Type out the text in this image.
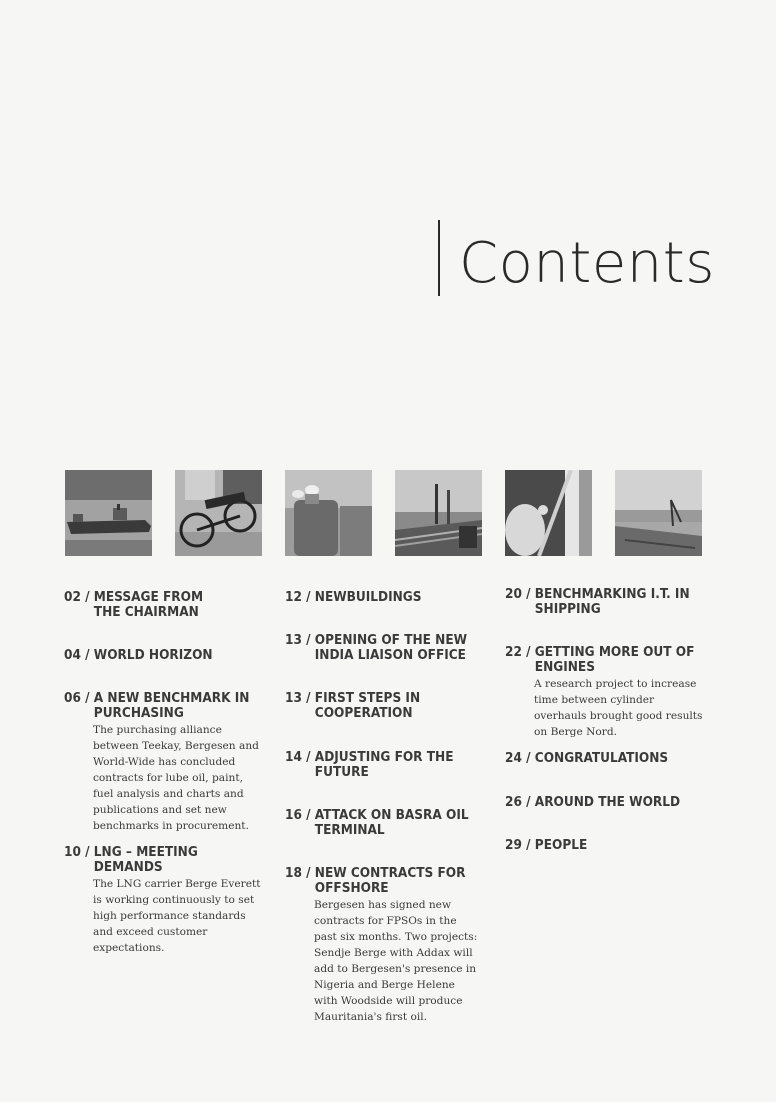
Contents
02 / MESSAGE FROM THE CHAIRMAN
04 / WORLD HORIZON
06 / A NEW BENCHMARK IN PURCHASING
The purchasing alliance between Teekay, Bergesen and World-Wide has concluded contracts for lube oil, paint, fuel analysis and charts and publications and set new benchmarks in procurement.
10 / LNG – MEETING DEMANDS
The LNG carrier Berge Everett is working continuously to set high performance standards and exceed customer expectations.
12 / NEWBUILDINGS
13 / OPENING OF THE NEW INDIA LIAISON OFFICE
13 / FIRST STEPS IN COOPERATION
14 / ADJUSTING FOR THE FUTURE
16 / ATTACK ON BASRA OIL TERMINAL
18 / NEW CONTRACTS FOR OFFSHORE
Bergesen has signed new contracts for FPSOs in the past six months. Two projects: Sendje Berge with Addax will add to Bergesen's presence in Nigeria and Berge Helene with Woodside will produce Mauritania's first oil.
20 / BENCHMARKING I.T. IN SHIPPING
22 / GETTING MORE OUT OF ENGINES
A research project to increase time between cylinder overhauls brought good results on Berge Nord.
24 / CONGRATULATIONS
26 / AROUND THE WORLD
29 / PEOPLE
